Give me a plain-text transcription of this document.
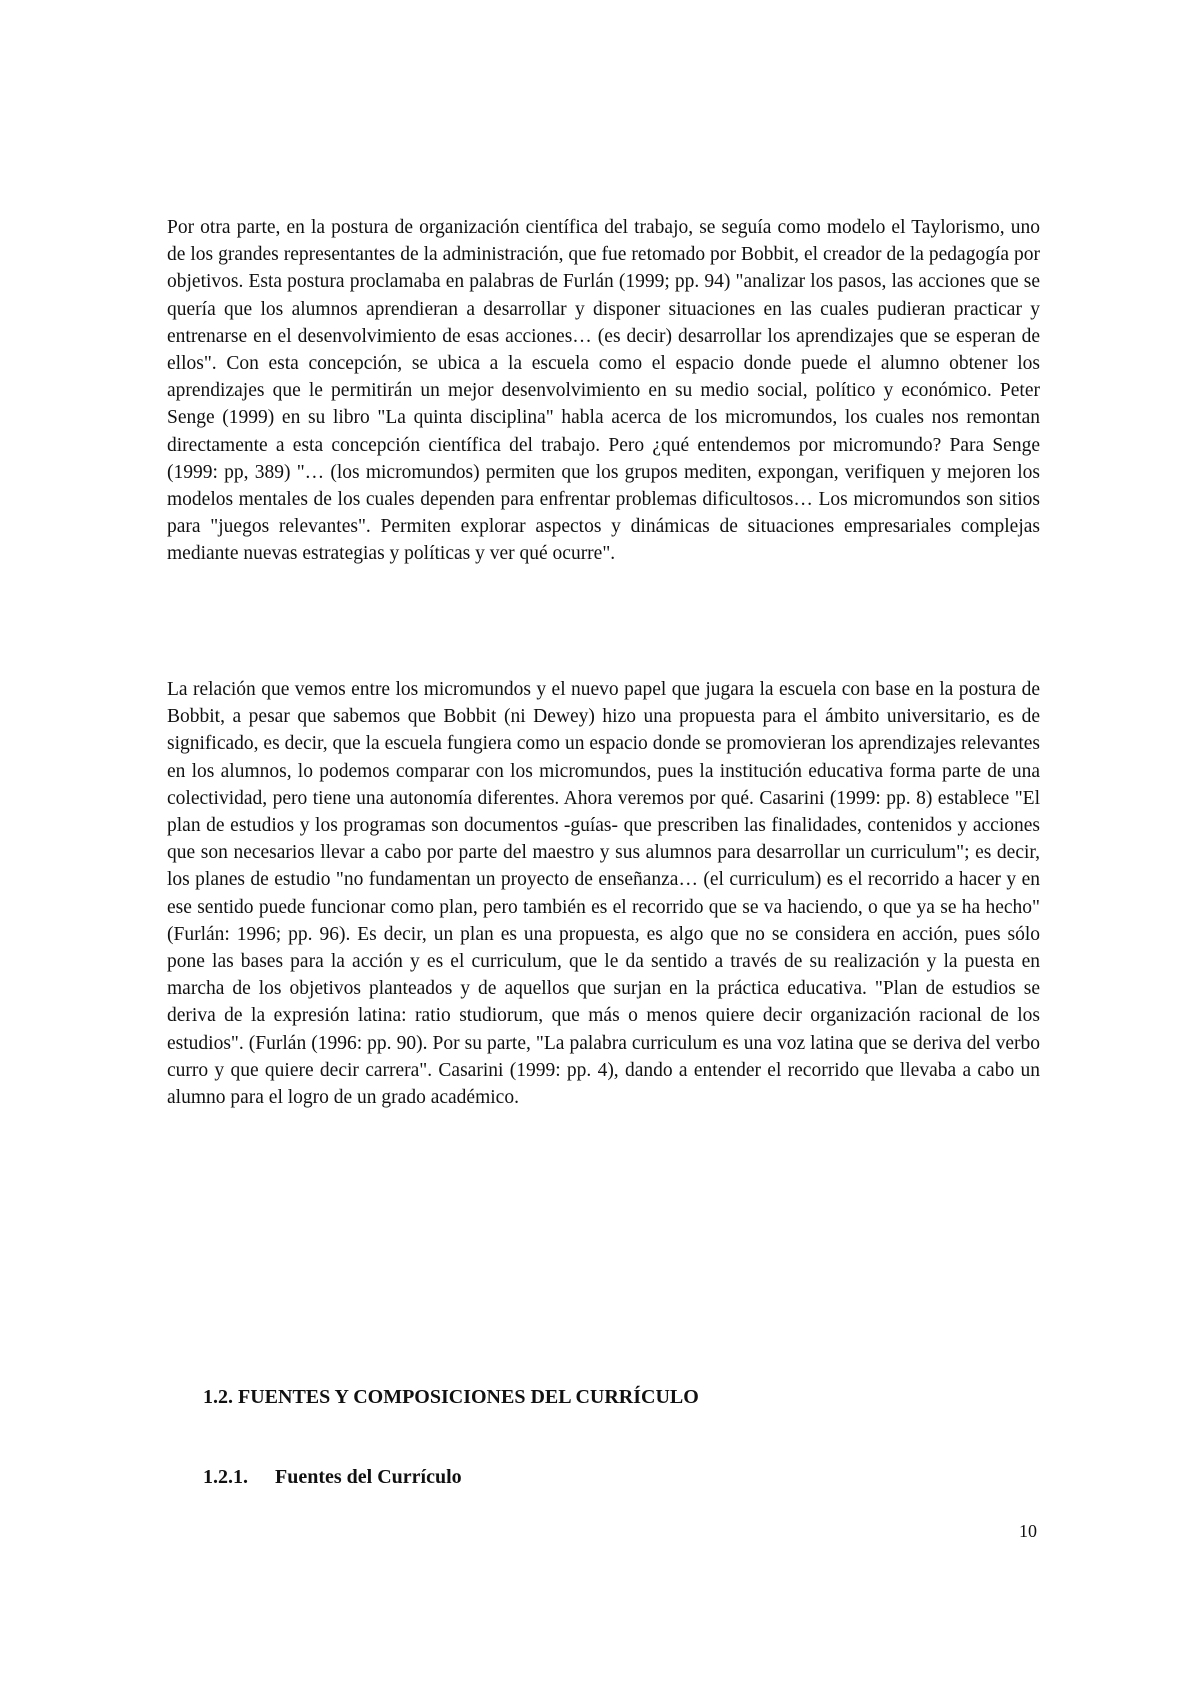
Por otra parte, en la postura de organización científica del trabajo, se seguía como modelo el Taylorismo, uno de los grandes representantes de la administración, que fue retomado por Bobbit, el creador de la pedagogía por objetivos. Esta postura proclamaba en palabras de Furlán (1999; pp. 94) "analizar los pasos, las acciones que se quería que los alumnos aprendieran a desarrollar y disponer situaciones en las cuales pudieran practicar y entrenarse en el desenvolvimiento de esas acciones… (es decir) desarrollar los aprendizajes que se esperan de ellos". Con esta concepción, se ubica a la escuela como el espacio donde puede el alumno obtener los aprendizajes que le permitirán un mejor desenvolvimiento en su medio social, político y económico. Peter Senge (1999) en su libro "La quinta disciplina" habla acerca de los micromundos, los cuales nos remontan directamente a esta concepción científica del trabajo. Pero ¿qué entendemos por micromundo? Para Senge (1999: pp, 389) "… (los micromundos) permiten que los grupos mediten, expongan, verifiquen y mejoren los modelos mentales de los cuales dependen para enfrentar problemas dificultosos… Los micromundos son sitios para "juegos relevantes". Permiten explorar aspectos y dinámicas de situaciones empresariales complejas mediante nuevas estrategias y políticas y ver qué ocurre".

La relación que vemos entre los micromundos y el nuevo papel que jugara la escuela con base en la postura de Bobbit, a pesar que sabemos que Bobbit (ni Dewey) hizo una propuesta para el ámbito universitario, es de significado, es decir, que la escuela fungiera como un espacio donde se promovieran los aprendizajes relevantes en los alumnos, lo podemos comparar con los micromundos, pues la institución educativa forma parte de una colectividad, pero tiene una autonomía diferentes. Ahora veremos por qué. Casarini (1999: pp. 8) establece "El plan de estudios y los programas son documentos -guías- que prescriben las finalidades, contenidos y acciones que son necesarios llevar a cabo por parte del maestro y sus alumnos para desarrollar un curriculum"; es decir, los planes de estudio "no fundamentan un proyecto de enseñanza… (el curriculum) es el recorrido a hacer y en ese sentido puede funcionar como plan, pero también es el recorrido que se va haciendo, o que ya se ha hecho" (Furlán: 1996; pp. 96). Es decir, un plan es una propuesta, es algo que no se considera en acción, pues sólo pone las bases para la acción y es el curriculum, que le da sentido a través de su realización y la puesta en marcha de los objetivos planteados y de aquellos que surjan en la práctica educativa. "Plan de estudios se deriva de la expresión latina: ratio studiorum, que más o menos quiere decir organización racional de los estudios". (Furlán (1996: pp. 90). Por su parte, "La palabra curriculum es una voz latina que se deriva del verbo curro y que quiere decir carrera". Casarini (1999: pp. 4), dando a entender el recorrido que llevaba a cabo un alumno para el logro de un grado académico.

1.2. FUENTES Y COMPOSICIONES DEL CURRÍCULO
1.2.1. Fuentes del Currículo
10
